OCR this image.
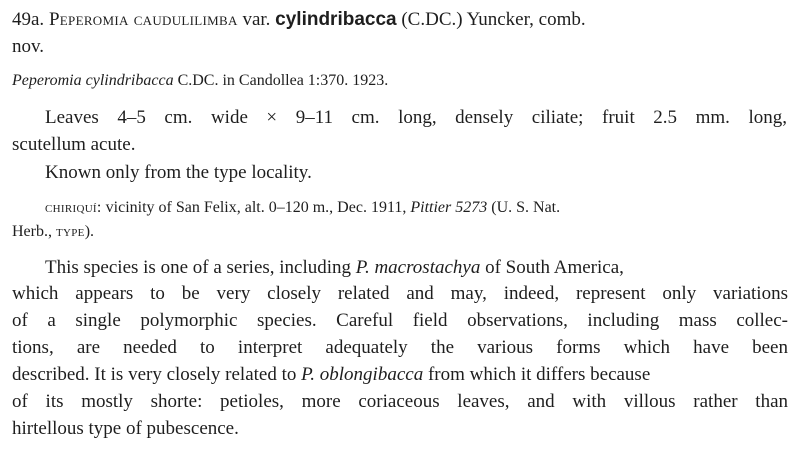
49a. Peperomia caudulilimba var. cylindribacca (C.DC.) Yuncker, comb.
nov.
Peperomia cylindribacca C.DC. in Candollea 1:370. 1923.
Leaves 4–5 cm. wide × 9–11 cm. long, densely ciliate; fruit 2.5 mm. long,
scutellum acute.
Known only from the type locality.
chiriquí: vicinity of San Felix, alt. 0–120 m., Dec. 1911, Pittier 5273 (U. S. Nat.
Herb., type).
This species is one of a series, including P. macrostachya of South America,
which appears to be very closely related and may, indeed, represent only variations
of a single polymorphic species. Careful field observations, including mass collec-
tions, are needed to interpret adequately the various forms which have been
described. It is very closely related to P. oblongibacca from which it differs because
of its mostly shorte: petioles, more coriaceous leaves, and with villous rather than
hirtellous type of pubescence.
